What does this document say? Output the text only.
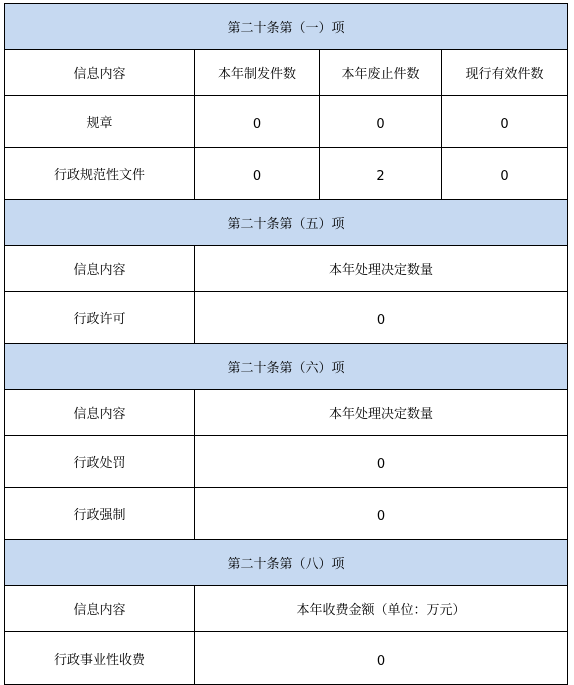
第二十条第（一）项			
信息内容	本年制发件数	本年废止件数	现行有效件数
规章	0	0	0
行政规范性文件	0	2	0
第二十条第（五）项			
信息内容	本年处理决定数量		
行政许可	0		
第二十条第（六）项			
信息内容	本年处理决定数量		
行政处罚	0		
行政强制	0		
第二十条第（八）项			
信息内容	本年收费金额（单位：万元）		
行政事业性收费	0		
